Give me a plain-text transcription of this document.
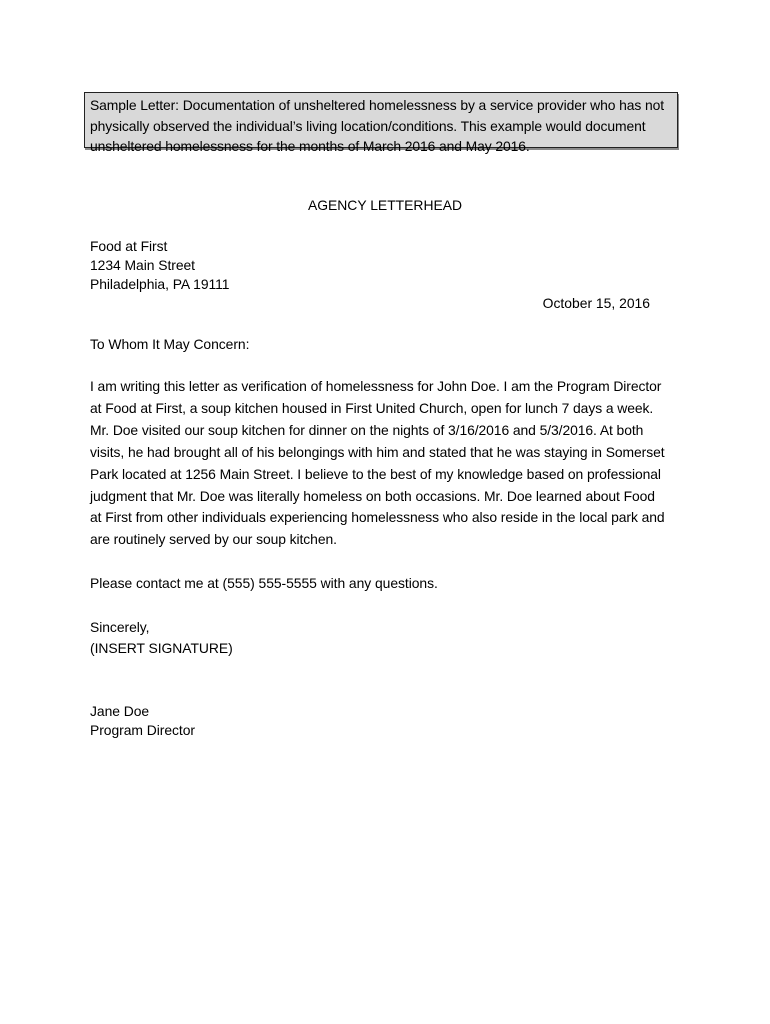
Sample Letter: Documentation of unsheltered homelessness by a service provider who has not physically observed the individual’s living location/conditions. This example would document unsheltered homelessness for the months of March 2016 and May 2016.
AGENCY LETTERHEAD
Food at First
1234 Main Street
Philadelphia, PA 19111
October 15, 2016
To Whom It May Concern:
I am writing this letter as verification of homelessness for John Doe. I am the Program Director
at Food at First, a soup kitchen housed in First United Church, open for lunch 7 days a week.
Mr. Doe visited our soup kitchen for dinner on the nights of 3/16/2016 and 5/3/2016. At both
visits, he had brought all of his belongings with him and stated that he was staying in Somerset
Park located at 1256 Main Street. I believe to the best of my knowledge based on professional
judgment that Mr. Doe was literally homeless on both occasions. Mr. Doe learned about Food
at First from other individuals experiencing homelessness who also reside in the local park and
are routinely served by our soup kitchen.
Please contact me at (555) 555-5555 with any questions.
Sincerely,
(INSERT SIGNATURE)
Jane Doe
Program Director
